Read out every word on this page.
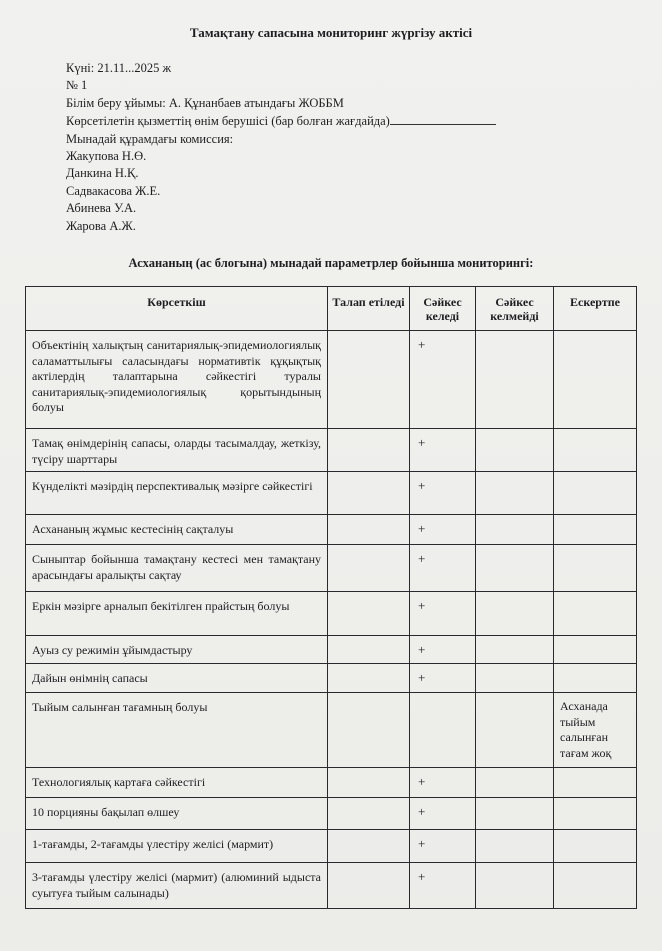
Тамақтану сапасына мониторинг жүргізу актісі
Күні: 21.11...2025 ж
№ 1
Білім беру ұйымы: А. Құнанбаев атындағы ЖОББМ
Көрсетілетін қызметтің өнім берушісі (бар болған жағдайда)
Мынадай құрамдағы комиссия:
Жакупова Н.Ө.
Данкина Н.Қ.
Садвакасова Ж.Е.
Абинева У.А.
Жарова А.Ж.
Асхананың (ас блогына) мынадай параметрлер бойынша мониторингі:
Көрсеткіш	Талап етіледі	Сәйкес келеді	Сәйкес келмейді	Ескертпе
Объектінің халықтың санитариялық-эпидемиологиялық саламаттылығы саласындағы нормативтік құқықтық актілердің талаптарына сәйкестігі туралы санитариялық-эпидемиологиялық қорытындының болуы		+		
Тамақ өнімдерінің сапасы, оларды тасымалдау, жеткізу, түсіру шарттары		+		
Күнделікті мәзірдің перспективалық мәзірге сәйкестігі		+		
Асхананың жұмыс кестесінің сақталуы		+		
Сыныптар бойынша тамақтану кестесі мен тамақтану арасындағы аралықты сақтау		+		
Еркін мәзірге арналып бекітілген прайстың болуы		+		
Ауыз су режимін ұйымдастыру		+		
Дайын өнімнің сапасы		+		
Тыйым салынған тағамның болуы				Асханада тыйым салынған тағам жоқ
Технологиялық картаға сәйкестігі		+		
10 порцияны бақылап өлшеу		+		
1-тағамды, 2-тағамды үлестіру желісі (мармит)		+		
3-тағамды үлестіру желісі (мармит) (алюминий ыдыста суытуға тыйым салынады)		+		
